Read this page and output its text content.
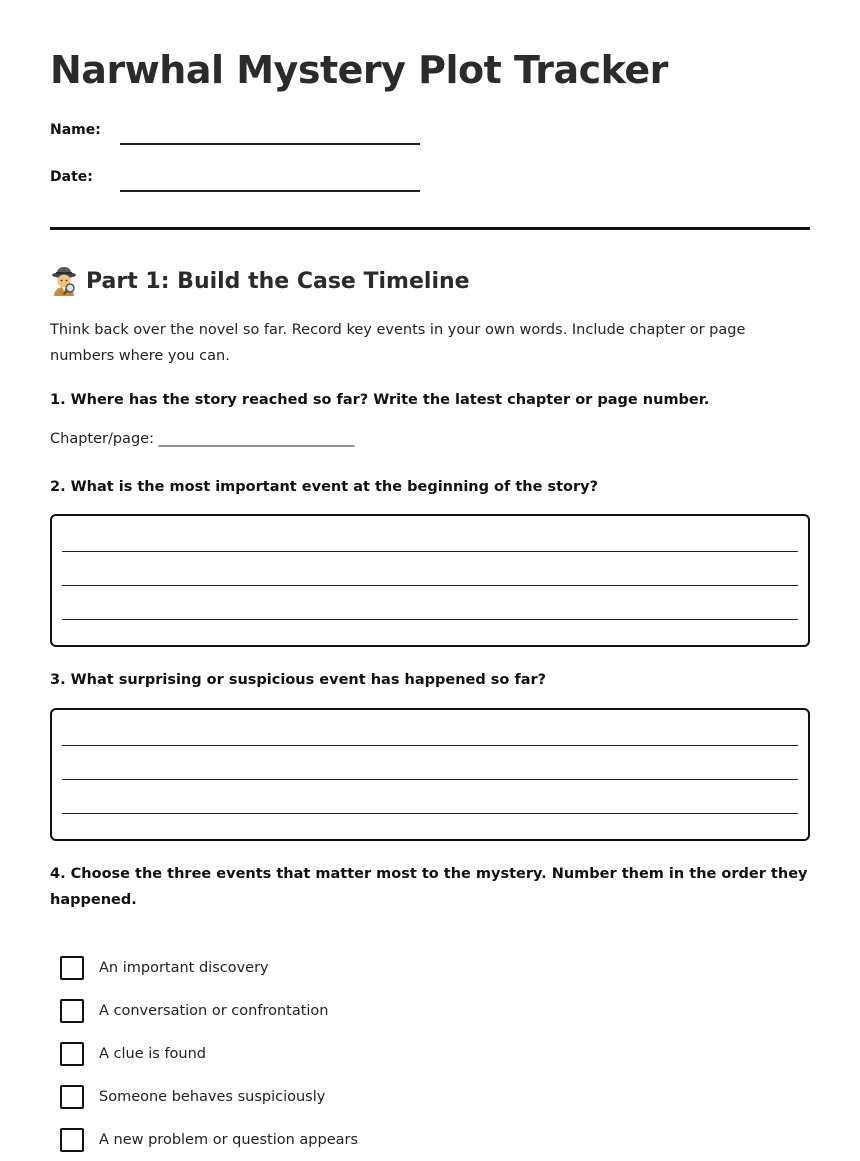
Narwhal Mystery Plot Tracker
Name:
Date:
Part 1: Build the Case Timeline

Think back over the novel so far. Record key events in your own words. Include chapter or page numbers where you can.

1. Where has the story reached so far? Write the latest chapter or page number.
Chapter/page: ___________________________
2. What is the most important event at the beginning of the story?
3. What surprising or suspicious event has happened so far?
4. Choose the three events that matter most to the mystery. Number them in the order they happened.
An important discovery
A conversation or confrontation
A clue is found
Someone behaves suspiciously
A new problem or question appears
